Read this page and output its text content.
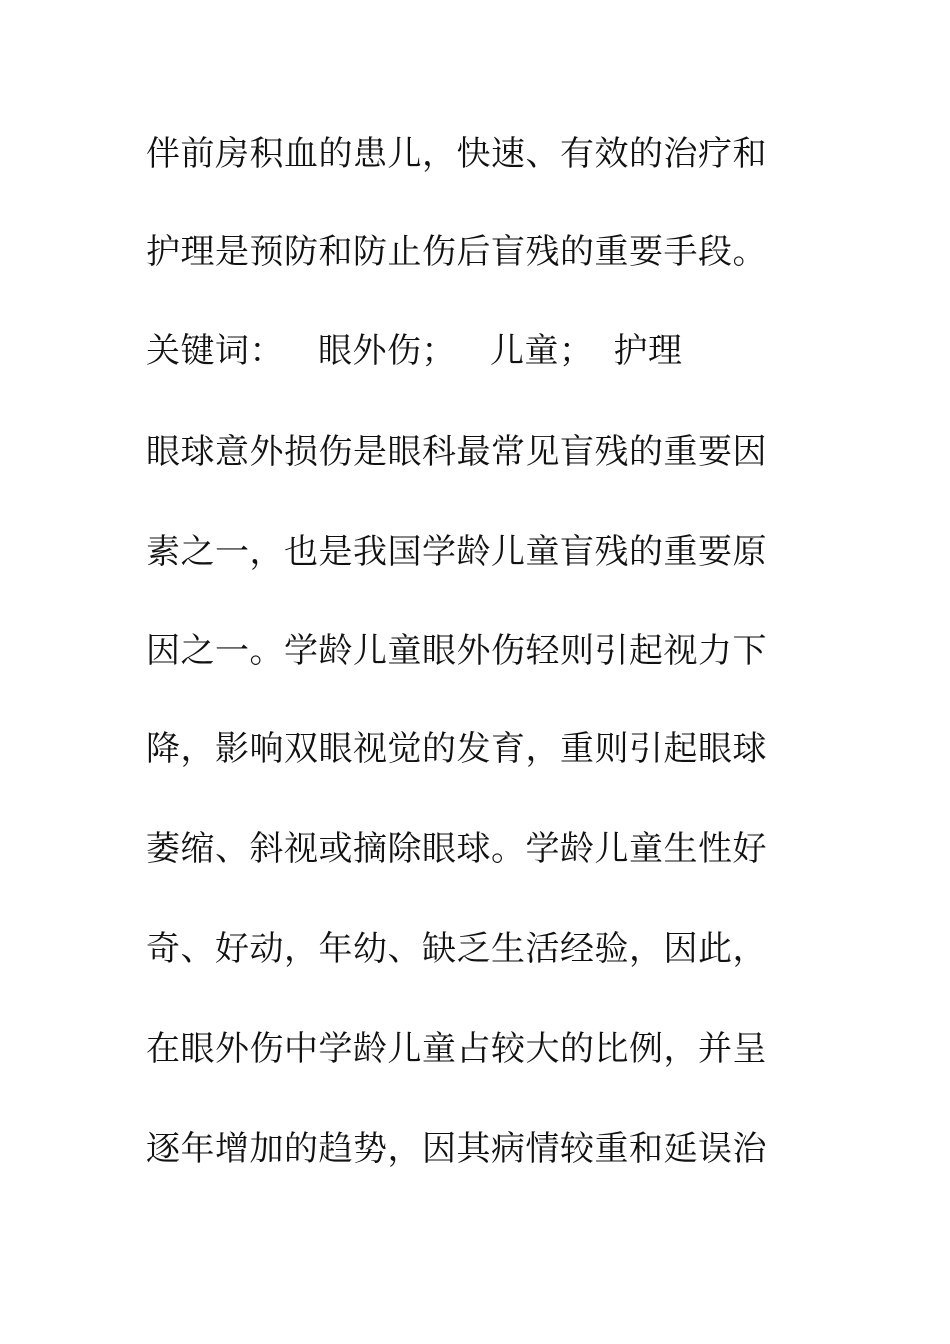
伴前房积血的患儿，快速、有效的治疗和
护理是预防和防止伤后盲残的重要手段。
关键词： 眼外伤； 儿童； 护理
眼球意外损伤是眼科最常见盲残的重要因
素之一，也是我国学龄儿童盲残的重要原
因之一。学龄儿童眼外伤轻则引起视力下
降，影响双眼视觉的发育，重则引起眼球
萎缩、斜视或摘除眼球。学龄儿童生性好
奇、好动，年幼、缺乏生活经验，因此，
在眼外伤中学龄儿童占较大的比例，并呈
逐年增加的趋势，因其病情较重和延误治
